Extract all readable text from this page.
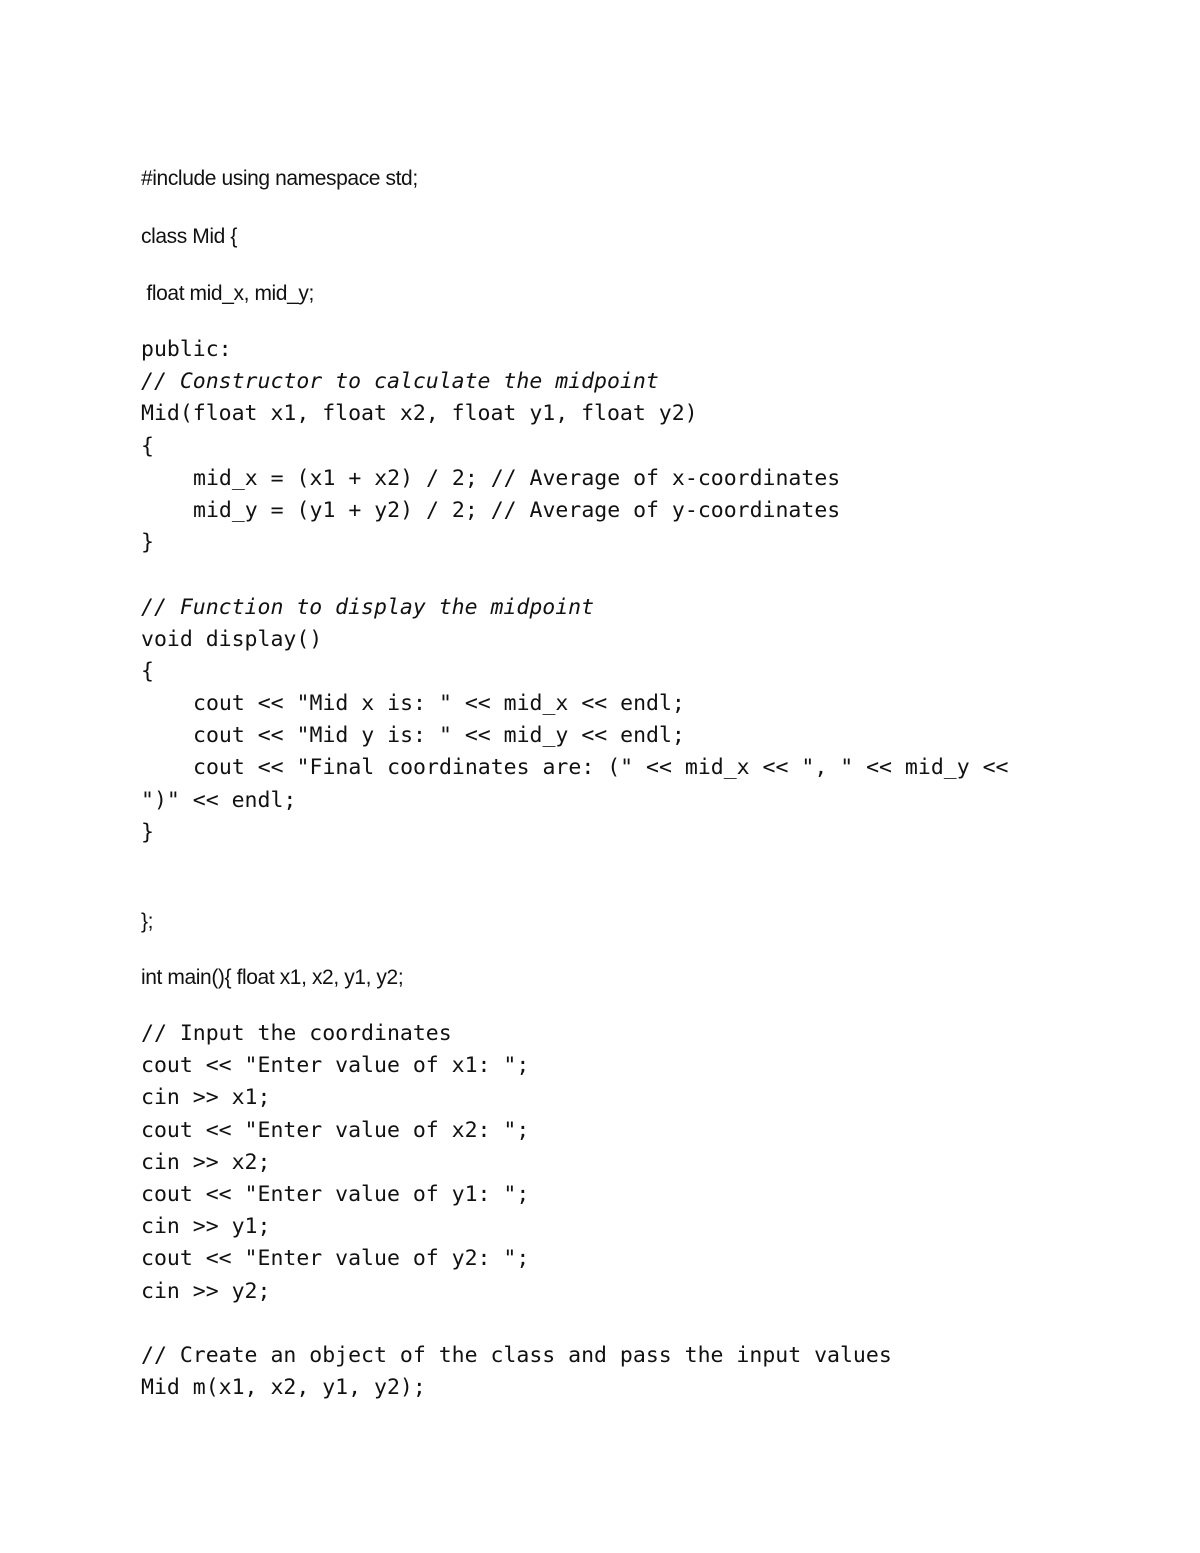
#include using namespace std;

class Mid {

float mid_x, mid_y;

public:
// Constructor to calculate the midpoint
Mid(float x1, float x2, float y1, float y2)
{
mid_x = (x1 + x2) / 2; // Average of x-coordinates
mid_y = (y1 + y2) / 2; // Average of y-coordinates
}
// Function to display the midpoint
void display()
{
cout << "Mid x is: " << mid_x << endl;
cout << "Mid y is: " << mid_y << endl;
cout << "Final coordinates are: (" << mid_x << ", " << mid_y <<
")" << endl;
}

};

int main(){ float x1, x2, y1, y2;

// Input the coordinates
cout << "Enter value of x1: ";
cin >> x1;
cout << "Enter value of x2: ";
cin >> x2;
cout << "Enter value of y1: ";
cin >> y1;
cout << "Enter value of y2: ";
cin >> y2;
// Create an object of the class and pass the input values
Mid m(x1, x2, y1, y2);
